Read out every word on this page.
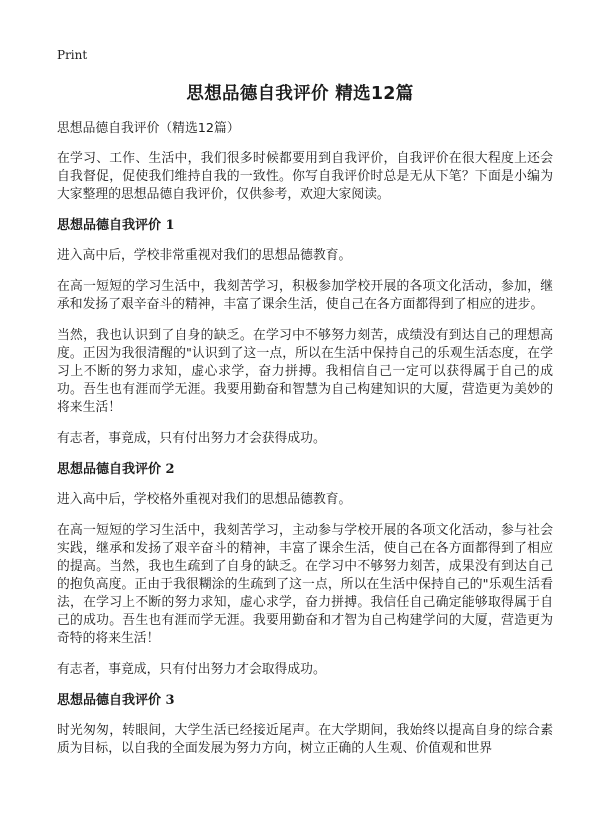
Print
思想品德自我评价 精选12篇

思想品德自我评价（精选12篇）

在学习、工作、生活中，我们很多时候都要用到自我评价，自我评价在很大程度上还会自我督促，促使我们维持自我的一致性。你写自我评价时总是无从下笔？下面是小编为大家整理的思想品德自我评价，仅供参考，欢迎大家阅读。

思想品德自我评价 1

进入高中后，学校非常重视对我们的思想品德教育。

在高一短短的学习生活中，我刻苦学习，积极参加学校开展的各项文化活动，参加，继承和发扬了艰辛奋斗的精神，丰富了课余生活，使自己在各方面都得到了相应的进步。

当然，我也认识到了自身的缺乏。在学习中不够努力刻苦，成绩没有到达自己的理想高度。正因为我很清醒的"认识到了这一点，所以在生活中保持自己的乐观生活态度，在学习上不断的努力求知，虚心求学，奋力拼搏。我相信自己一定可以获得属于自己的成功。吾生也有涯而学无涯。我要用勤奋和智慧为自己构建知识的大厦，营造更为美妙的将来生活！

有志者，事竟成，只有付出努力才会获得成功。

思想品德自我评价 2

进入高中后，学校格外重视对我们的思想品德教育。

在高一短短的学习生活中，我刻苦学习，主动参与学校开展的各项文化活动，参与社会实践，继承和发扬了艰辛奋斗的精神，丰富了课余生活，使自己在各方面都得到了相应的提高。当然，我也生疏到了自身的缺乏。在学习中不够努力刻苦，成果没有到达自己的抱负高度。正由于我很糊涂的生疏到了这一点，所以在生活中保持自己的"乐观生活看法，在学习上不断的努力求知，虚心求学，奋力拼搏。我信任自己确定能够取得属于自己的成功。吾生也有涯而学无涯。我要用勤奋和才智为自己构建学问的大厦，营造更为奇特的将来生活！

有志者，事竟成，只有付出努力才会取得成功。

思想品德自我评价 3

时光匆匆，转眼间，大学生活已经接近尾声。在大学期间，我始终以提高自身的综合素质为目标，以自我的全面发展为努力方向，树立正确的人生观、价值观和世界
